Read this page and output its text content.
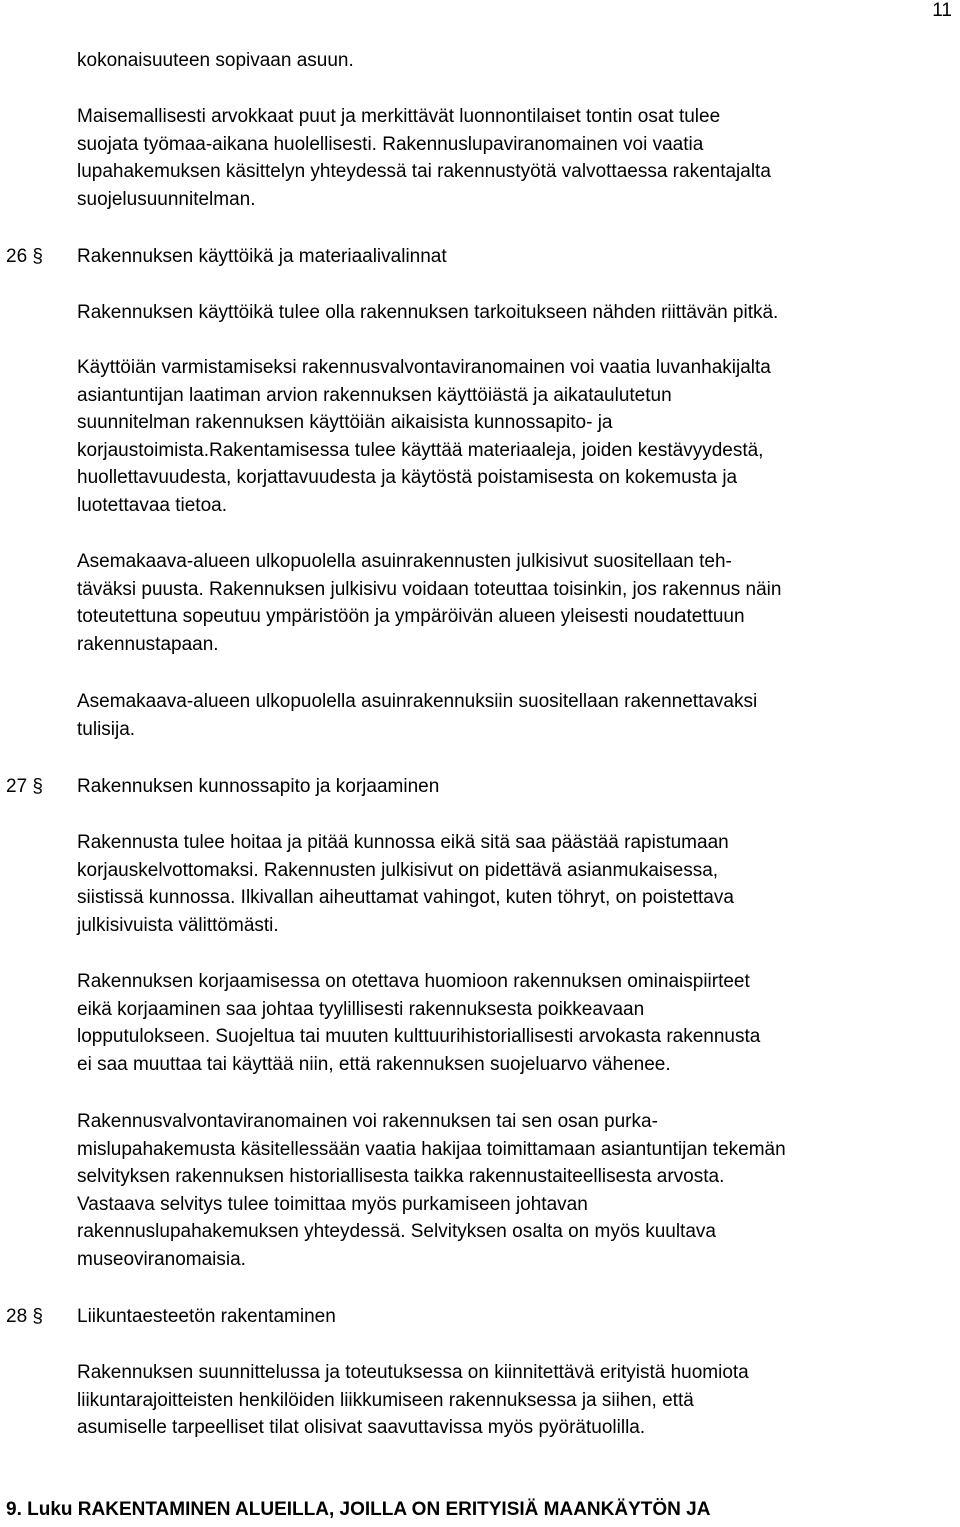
11
kokonaisuuteen sopivaan asuun.
Maisemallisesti arvokkaat puut ja merkittävät luonnontilaiset tontin osat tulee
suojata työmaa-aikana huolellisesti. Rakennuslupaviranomainen voi vaatia
lupahakemuksen käsittelyn yhteydessä tai rakennustyötä valvottaessa rakentajalta
suojelusuunnitelman.
26 §	Rakennuksen käyttöikä ja materiaalivalinnat
Rakennuksen käyttöikä tulee olla rakennuksen tarkoitukseen nähden riittävän pitkä.
Käyttöiän varmistamiseksi rakennusvalvontaviranomainen voi vaatia luvanhakijalta
asiantuntijan laatiman arvion rakennuksen käyttöiästä ja aikataulutetun
suunnitelman rakennuksen käyttöiän aikaisista kunnossapito- ja
korjaustoimista.Rakentamisessa tulee käyttää materiaaleja, joiden kestävyydestä,
huollettavuudesta, korjattavuudesta ja käytöstä poistamisesta on kokemusta ja
luotettavaa tietoa.
Asemakaava-alueen ulkopuolella asuinrakennusten julkisivut suositellaan teh-
täväksi puusta. Rakennuksen julkisivu voidaan toteuttaa toisinkin, jos rakennus näin
toteutettuna sopeutuu ympäristöön ja ympäröivän alueen yleisesti noudatettuun
rakennustapaan.
Asemakaava-alueen ulkopuolella asuinrakennuksiin suositellaan rakennettavaksi
tulisija.
27 §	Rakennuksen kunnossapito ja korjaaminen
Rakennusta tulee hoitaa ja pitää kunnossa eikä sitä saa päästää rapistumaan
korjauskelvottomaksi. Rakennusten julkisivut on pidettävä asianmukaisessa,
siistissä kunnossa. Ilkivallan aiheuttamat vahingot, kuten töhryt, on poistettava
julkisivuista välittömästi.
Rakennuksen korjaamisessa on otettava huomioon rakennuksen ominaispiirteet
eikä korjaaminen saa johtaa tyylillisesti rakennuksesta poikkeavaan
lopputulokseen. Suojeltua tai muuten kulttuurihistoriallisesti arvokasta rakennusta
ei saa muuttaa tai käyttää niin, että rakennuksen suojeluarvo vähenee.
Rakennusvalvontaviranomainen voi rakennuksen tai sen osan purka-
mislupahakemusta käsitellessään vaatia hakijaa toimittamaan asiantuntijan tekemän
selvityksen rakennuksen historiallisesta taikka rakennustaiteellisesta arvosta.
Vastaava selvitys tulee toimittaa myös purkamiseen johtavan
rakennuslupahakemuksen yhteydessä. Selvityksen osalta on myös kuultava
museoviranomaisia.
28 §	Liikuntaesteetön rakentaminen
Rakennuksen suunnittelussa ja toteutuksessa on kiinnitettävä erityistä huomiota
liikuntarajoitteisten henkilöiden liikkumiseen rakennuksessa ja siihen, että
asumiselle tarpeelliset tilat olisivat saavuttavissa myös pyörätuolilla.
9. Luku RAKENTAMINEN ALUEILLA, JOILLA ON ERITYISIÄ MAANKÄYTÖN JA
